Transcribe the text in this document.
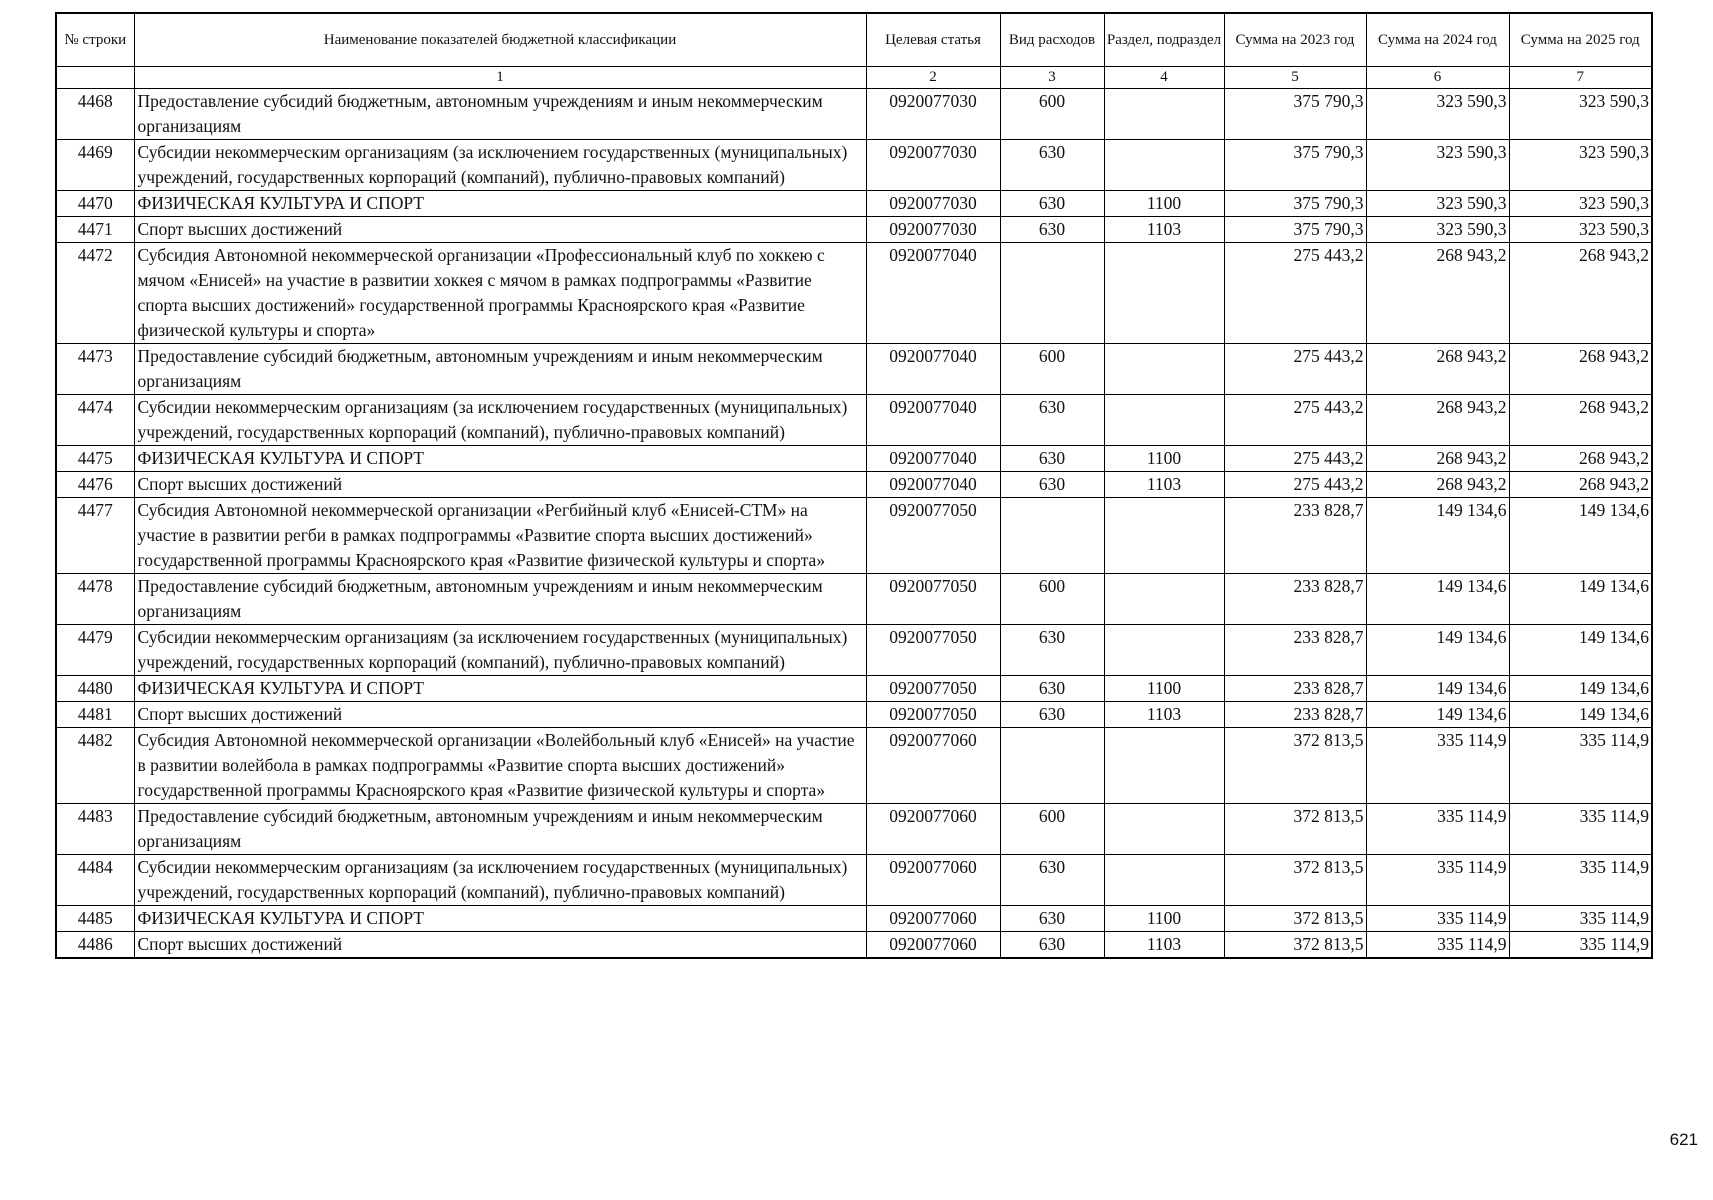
№ строки	Наименование показателей бюджетной классификации	Целевая статья	Вид расходов	Раздел, подраздел	Сумма на 2023 год	Сумма на 2024 год	Сумма на 2025 год
	1	2	3	4	5	6	7
4468	Предоставление субсидий бюджетным, автономным учреждениям и иным некоммерческим организациям	0920077030	600		375 790,3	323 590,3	323 590,3
4469	Субсидии некоммерческим организациям (за исключением государственных (муниципальных) учреждений, государственных корпораций (компаний), публично-правовых компаний)	0920077030	630		375 790,3	323 590,3	323 590,3
4470	ФИЗИЧЕСКАЯ КУЛЬТУРА И СПОРТ	0920077030	630	1100	375 790,3	323 590,3	323 590,3
4471	Спорт высших достижений	0920077030	630	1103	375 790,3	323 590,3	323 590,3
4472	Субсидия Автономной некоммерческой организации «Профессиональный клуб по хоккею с мячом «Енисей» на участие в развитии хоккея с мячом в рамках подпрограммы «Развитие спорта высших достижений» государственной программы Красноярского края «Развитие физической культуры и спорта»	0920077040			275 443,2	268 943,2	268 943,2
4473	Предоставление субсидий бюджетным, автономным учреждениям и иным некоммерческим организациям	0920077040	600		275 443,2	268 943,2	268 943,2
4474	Субсидии некоммерческим организациям (за исключением государственных (муниципальных) учреждений, государственных корпораций (компаний), публично-правовых компаний)	0920077040	630		275 443,2	268 943,2	268 943,2
4475	ФИЗИЧЕСКАЯ КУЛЬТУРА И СПОРТ	0920077040	630	1100	275 443,2	268 943,2	268 943,2
4476	Спорт высших достижений	0920077040	630	1103	275 443,2	268 943,2	268 943,2
4477	Субсидия Автономной некоммерческой организации «Регбийный клуб «Енисей-СТМ» на участие в развитии регби в рамках подпрограммы «Развитие спорта высших достижений» государственной программы Красноярского края «Развитие физической культуры и спорта»	0920077050			233 828,7	149 134,6	149 134,6
4478	Предоставление субсидий бюджетным, автономным учреждениям и иным некоммерческим организациям	0920077050	600		233 828,7	149 134,6	149 134,6
4479	Субсидии некоммерческим организациям (за исключением государственных (муниципальных) учреждений, государственных корпораций (компаний), публично-правовых компаний)	0920077050	630		233 828,7	149 134,6	149 134,6
4480	ФИЗИЧЕСКАЯ КУЛЬТУРА И СПОРТ	0920077050	630	1100	233 828,7	149 134,6	149 134,6
4481	Спорт высших достижений	0920077050	630	1103	233 828,7	149 134,6	149 134,6
4482	Субсидия Автономной некоммерческой организации «Волейбольный клуб «Енисей» на участие в развитии волейбола в рамках подпрограммы «Развитие спорта высших достижений» государственной программы Красноярского края «Развитие физической культуры и спорта»	0920077060			372 813,5	335 114,9	335 114,9
4483	Предоставление субсидий бюджетным, автономным учреждениям и иным некоммерческим организациям	0920077060	600		372 813,5	335 114,9	335 114,9
4484	Субсидии некоммерческим организациям (за исключением государственных (муниципальных) учреждений, государственных корпораций (компаний), публично-правовых компаний)	0920077060	630		372 813,5	335 114,9	335 114,9
4485	ФИЗИЧЕСКАЯ КУЛЬТУРА И СПОРТ	0920077060	630	1100	372 813,5	335 114,9	335 114,9
4486	Спорт высших достижений	0920077060	630	1103	372 813,5	335 114,9	335 114,9
621
